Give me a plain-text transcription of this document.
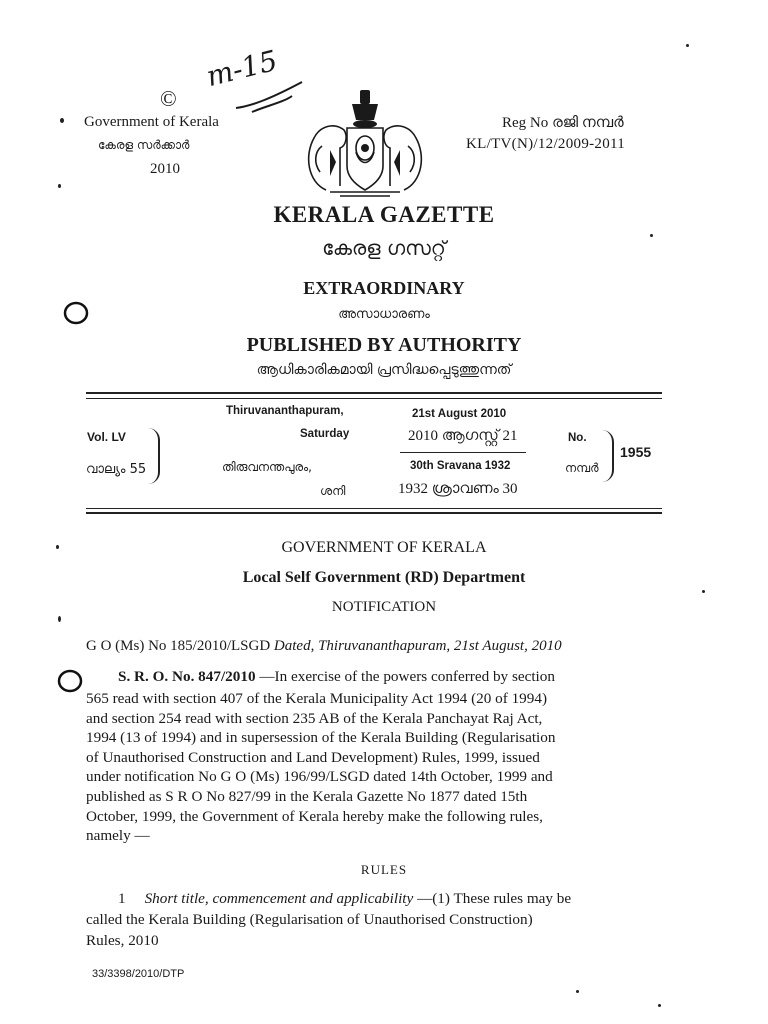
©
m-15
Government of Kerala
കേരള സർക്കാർ
2010
Reg No രജി നമ്പർ
KL/TV(N)/12/2009-2011
KERALA GAZETTE
കേരള ഗസറ്റ്
EXTRAORDINARY
അസാധാരണം
PUBLISHED BY AUTHORITY
ആധികാരികമായി പ്രസിദ്ധപ്പെടുത്തുന്നത്
Vol. LV
വാല്യം 55
Thiruvananthapuram,
Saturday
തിരുവനന്തപുരം,
ശനി
21st August 2010
2010 ആഗസ്റ്റ് 21
30th Sravana 1932
1932 ശ്രാവണം 30
No.
നമ്പർ
1955
GOVERNMENT OF KERALA
Local Self Government (RD) Department
NOTIFICATION
G O (Ms) No 185/2010/LSGD Dated, Thiruvananthapuram, 21st August, 2010
S. R. O. No. 847/2010 —In exercise of the powers conferred by section
565 read with section 407 of the Kerala Municipality Act 1994 (20 of 1994)
and section 254 read with section 235 AB of the Kerala Panchayat Raj Act,
1994 (13 of 1994) and in supersession of the Kerala Building (Regularisation
of Unauthorised Construction and Land Development) Rules, 1999, issued
under notification No G O (Ms) 196/99/LSGD dated 14th October, 1999 and
published as S R O No 827/99 in the Kerala Gazette No 1877 dated 15th
October, 1999, the Government of Kerala hereby make the following rules,
namely —
RULES
1 Short title, commencement and applicability —(1) These rules may be
called the Kerala Building (Regularisation of Unauthorised Construction)
Rules, 2010
33/3398/2010/DTP
